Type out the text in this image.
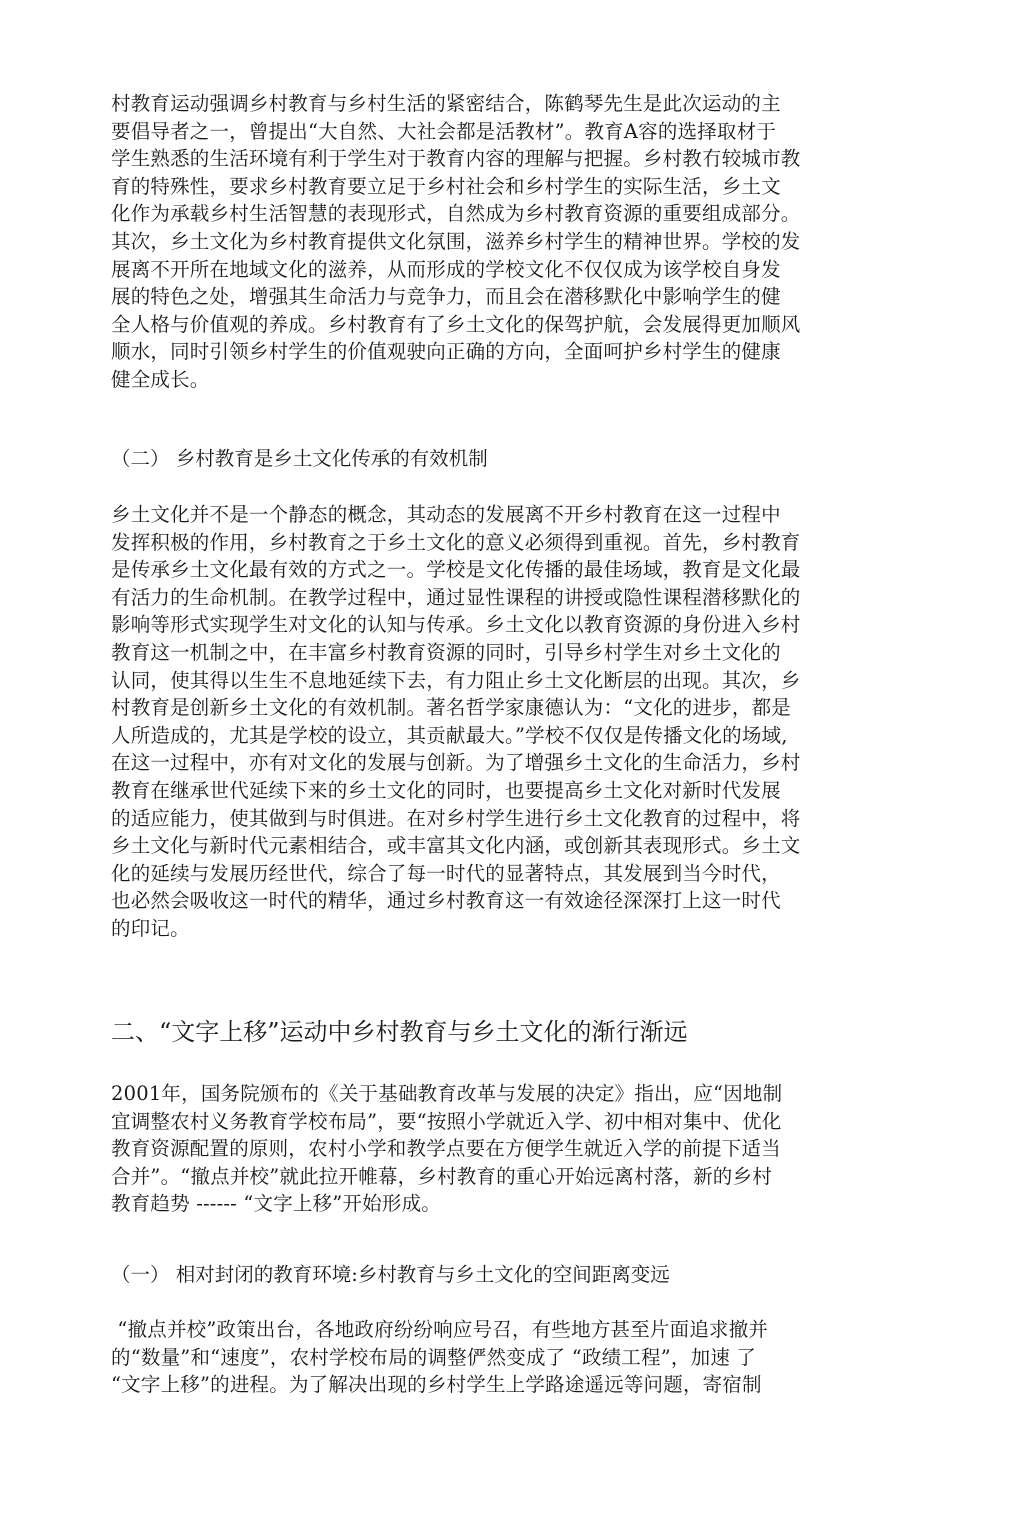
村教育运动强调乡村教育与乡村生活的紧密结合，陈鹤琴先生是此次运动的主
要倡导者之一，曾提出“大自然、大社会都是活教材”。教育A容的选择取材于
学生熟悉的生活环境有利于学生对于教育内容的理解与把握。乡村教冇较城市教
育的特殊性，要求乡村教育要立足于乡村社会和乡村学生的实际生活，乡土文
化作为承载乡村生活智慧的表现形式，自然成为乡村教育资源的重要组成部分。
其次，乡土文化为乡村教育提供文化氛围，滋养乡村学生的精神世界。学校的发
展离不开所在地域文化的滋养，从而形成的学校文化不仅仅成为该学校自身发
展的特色之处，增强其生命活力与竞争力，而且会在潜移默化中影响学生的健
全人格与价值观的养成。乡村教育有了乡土文化的保驾护航，会发展得更加顺风
顺水，同时引领乡村学生的价值观驶向正确的方向，全面呵护乡村学生的健康
健全成长。
（二） 乡村教育是乡土文化传承的有效机制
乡土文化并不是一个静态的概念，其动态的发展离不开乡村教育在这一过程中
发挥积极的作用，乡村教育之于乡土文化的意义必须得到重视。首先，乡村教育
是传承乡土文化最有效的方式之一。学校是文化传播的最佳场域，教育是文化最
有活力的生命机制。在教学过程中，通过显性课程的讲授或隐性课程潜移默化的
影响等形式实现学生对文化的认知与传承。乡土文化以教育资源的身份进入乡村
教育这一机制之中，在丰富乡村教育资源的同时，引导乡村学生对乡土文化的
认同，使其得以生生不息地延续下去，有力阻止乡土文化断层的出现。其次，乡
村教育是创新乡土文化的有效机制。著名哲学家康德认为：“文化的进步，都是
人所造成的，尤其是学校的设立，其贡献最大。”学校不仅仅是传播文化的场域,
在这一过程中，亦有对文化的发展与创新。为了增强乡土文化的生命活力，乡村
教育在继承世代延续下来的乡土文化的同时，也要提高乡土文化对新时代发展
的适应能力，使其做到与时俱进。在对乡村学生进行乡土文化教育的过程中，将
乡土文化与新时代元素相结合，或丰富其文化内涵，或创新其表现形式。乡土文
化的延续与发展历经世代，综合了每一时代的显著特点，其发展到当今时代，
也必然会吸收这一时代的精华，通过乡村教育这一有效途径深深打上这一时代
的印记。
二、“文字上移”运动中乡村教育与乡土文化的渐行渐远
2001年，国务院颁布的《关于基础教育改革与发展的决定》指出，应“因地制
宜调整农村义务教育学校布局”，要“按照小学就近入学、初中相对集中、优化
教育资源配置的原则，农村小学和教学点要在方便学生就近入学的前提下适当
合并”。“撤点并校”就此拉开帷幕，乡村教育的重心开始远离村落，新的乡村
教育趋势 ------ “文字上移”开始形成。
（一） 相对封闭的教育环境:乡村教育与乡土文化的空间距离变远
“撤点并校”政策出台，各地政府纷纷响应号召，有些地方甚至片面追求撤并
的“数量”和“速度”，农村学校布局的调整俨然变成了 “政绩工程”，加速 了
“文字上移”的进程。为了解决出现的乡村学生上学路途遥远等问题，寄宿制
